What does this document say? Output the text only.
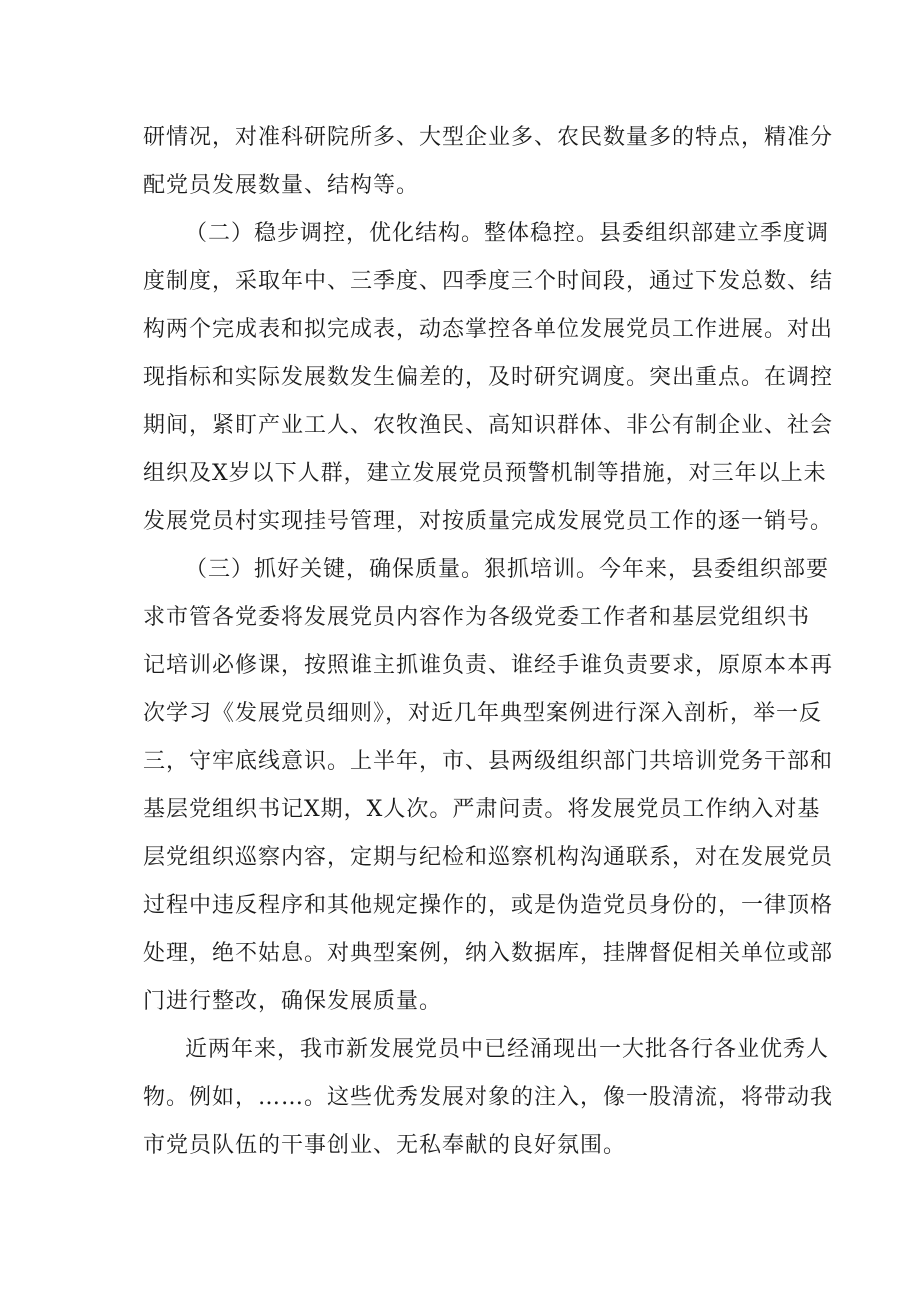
研情况，对准科研院所多、大型企业多、农民数量多的特点，精准分
配党员发展数量、结构等。
（二）稳步调控，优化结构。整体稳控。县委组织部建立季度调
度制度，采取年中、三季度、四季度三个时间段，通过下发总数、结
构两个完成表和拟完成表，动态掌控各单位发展党员工作进展。对出
现指标和实际发展数发生偏差的，及时研究调度。突出重点。在调控
期间，紧盯产业工人、农牧渔民、高知识群体、非公有制企业、社会
组织及X岁以下人群，建立发展党员预警机制等措施，对三年以上未
发展党员村实现挂号管理，对按质量完成发展党员工作的逐一销号。
（三）抓好关键，确保质量。狠抓培训。今年来，县委组织部要
求市管各党委将发展党员内容作为各级党委工作者和基层党组织书
记培训必修课，按照谁主抓谁负责、谁经手谁负责要求，原原本本再
次学习《发展党员细则》，对近几年典型案例进行深入剖析，举一反
三，守牢底线意识。上半年，市、县两级组织部门共培训党务干部和
基层党组织书记X期，X人次。严肃问责。将发展党员工作纳入对基
层党组织巡察内容，定期与纪检和巡察机构沟通联系，对在发展党员
过程中违反程序和其他规定操作的，或是伪造党员身份的，一律顶格
处理，绝不姑息。对典型案例，纳入数据库，挂牌督促相关单位或部
门进行整改，确保发展质量。
近两年来，我市新发展党员中已经涌现出一大批各行各业优秀人
物。例如，……。这些优秀发展对象的注入，像一股清流，将带动我
市党员队伍的干事创业、无私奉献的良好氛围。
